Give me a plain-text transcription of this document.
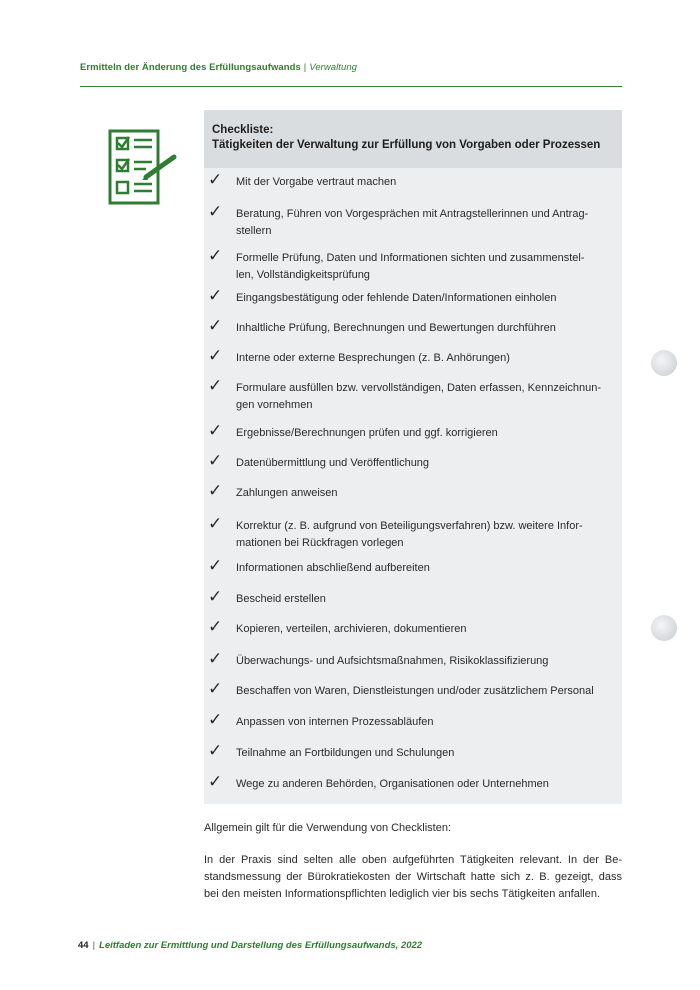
Ermitteln der Änderung des Erfüllungsaufwands | Verwaltung
Checkliste:
Tätigkeiten der Verwaltung zur Erfüllung von Vorgaben oder Prozessen
✓ Mit der Vorgabe vertraut machen
✓ Beratung, Führen von Vorgesprächen mit Antragstellerinnen und Antrag-
stellern
✓ Formelle Prüfung, Daten und Informationen sichten und zusammenstel-
len, Vollständigkeitsprüfung
✓ Eingangsbestätigung oder fehlende Daten/Informationen einholen
✓ Inhaltliche Prüfung, Berechnungen und Bewertungen durchführen
✓ Interne oder externe Besprechungen (z. B. Anhörungen)
✓ Formulare ausfüllen bzw. vervollständigen, Daten erfassen, Kennzeichnun-
gen vornehmen
✓ Ergebnisse/Berechnungen prüfen und ggf. korrigieren
✓ Datenübermittlung und Veröffentlichung
✓ Zahlungen anweisen
✓ Korrektur (z. B. aufgrund von Beteiligungsverfahren) bzw. weitere Infor-
mationen bei Rückfragen vorlegen
✓ Informationen abschließend aufbereiten
✓ Bescheid erstellen
✓ Kopieren, verteilen, archivieren, dokumentieren
✓ Überwachungs- und Aufsichtsmaßnahmen, Risikoklassifizierung
✓ Beschaffen von Waren, Dienstleistungen und/oder zusätzlichem Personal
✓ Anpassen von internen Prozessabläufen
✓ Teilnahme an Fortbildungen und Schulungen
✓ Wege zu anderen Behörden, Organisationen oder Unternehmen
Allgemein gilt für die Verwendung von Checklisten:
In der Praxis sind selten alle oben aufgeführten Tätigkeiten relevant. In der Be-
standsmessung der Bürokratiekosten der Wirtschaft hatte sich z. B. gezeigt, dass
bei den meisten Informationspflichten lediglich vier bis sechs Tätigkeiten anfallen.
44 | Leitfaden zur Ermittlung und Darstellung des Erfüllungsaufwands, 2022
